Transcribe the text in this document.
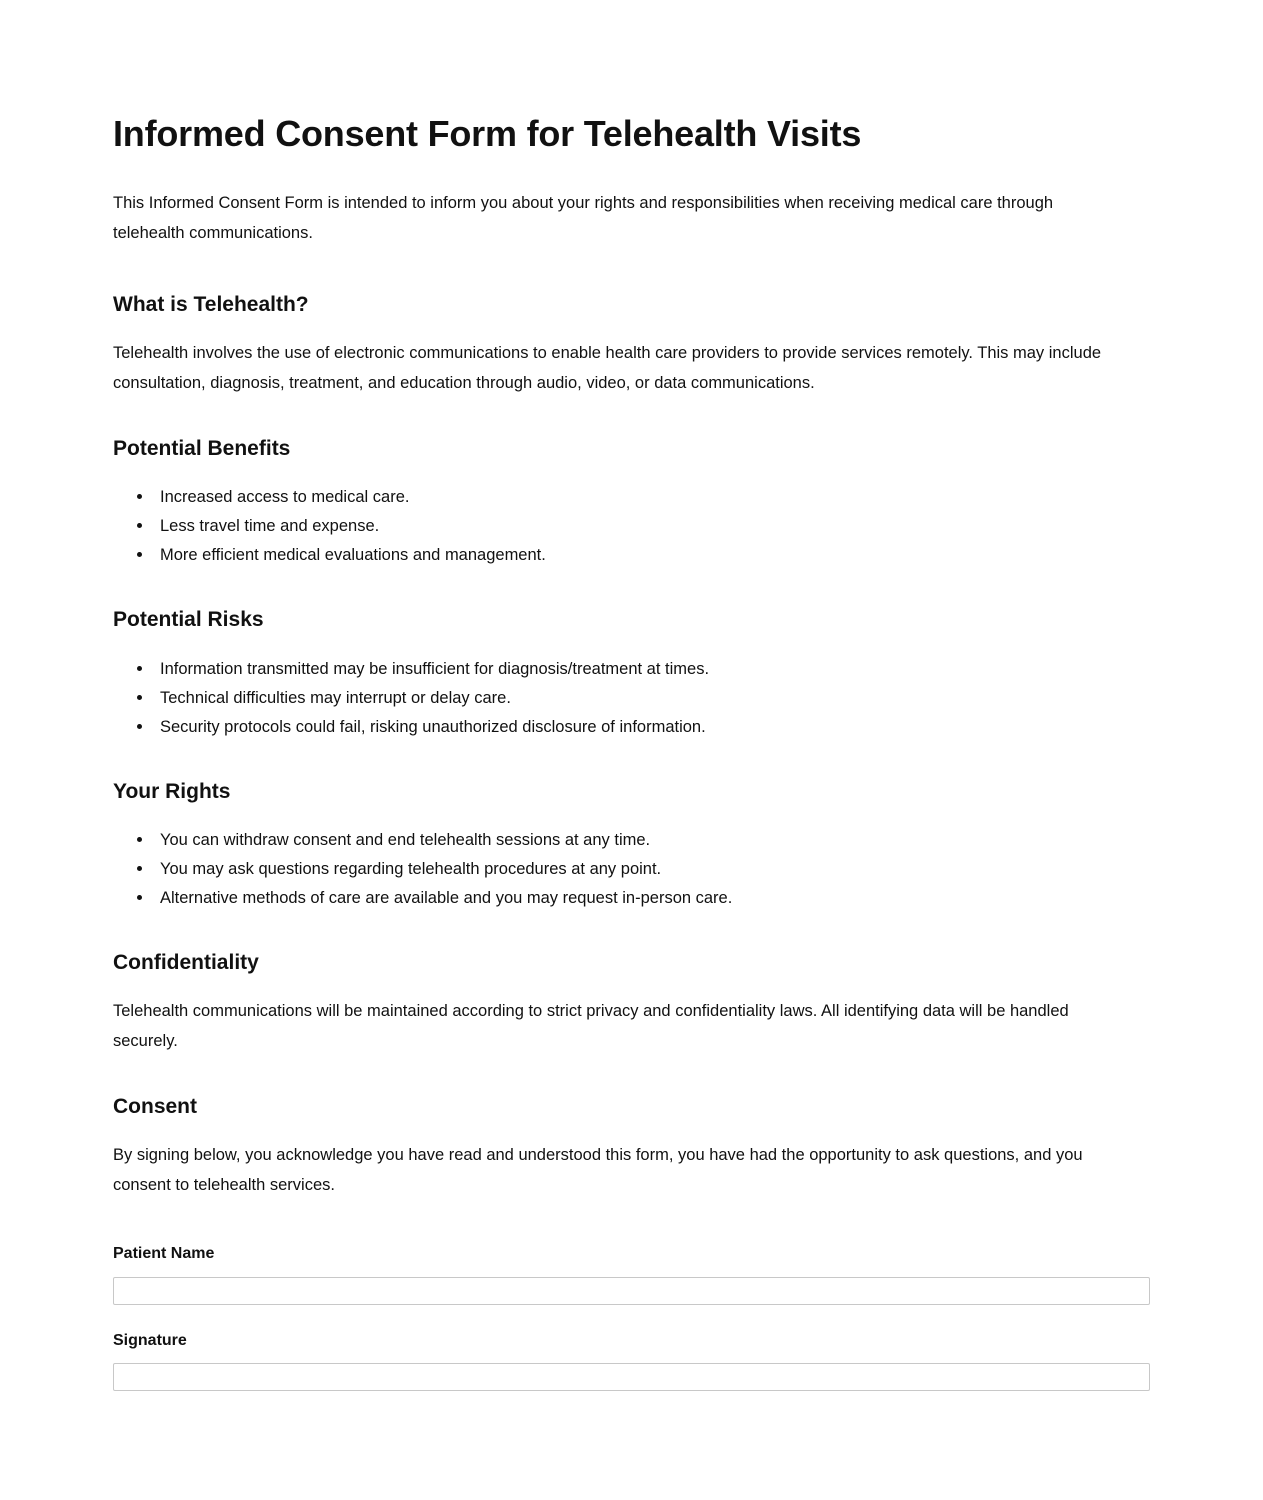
Informed Consent Form for Telehealth Visits

This Informed Consent Form is intended to inform you about your rights and responsibilities when receiving medical care through telehealth communications.

What is Telehealth?

Telehealth involves the use of electronic communications to enable health care providers to provide services remotely. This may include consultation, diagnosis, treatment, and education through audio, video, or data communications.

Potential Benefits
Increased access to medical care.
Less travel time and expense.
More efficient medical evaluations and management.
Potential Risks
Information transmitted may be insufficient for diagnosis/treatment at times.
Technical difficulties may interrupt or delay care.
Security protocols could fail, risking unauthorized disclosure of information.
Your Rights
You can withdraw consent and end telehealth sessions at any time.
You may ask questions regarding telehealth procedures at any point.
Alternative methods of care are available and you may request in-person care.
Confidentiality

Telehealth communications will be maintained according to strict privacy and confidentiality laws. All identifying data will be handled securely.

Consent

By signing below, you acknowledge you have read and understood this form, you have had the opportunity to ask questions, and you consent to telehealth services.

Patient Name
Signature
